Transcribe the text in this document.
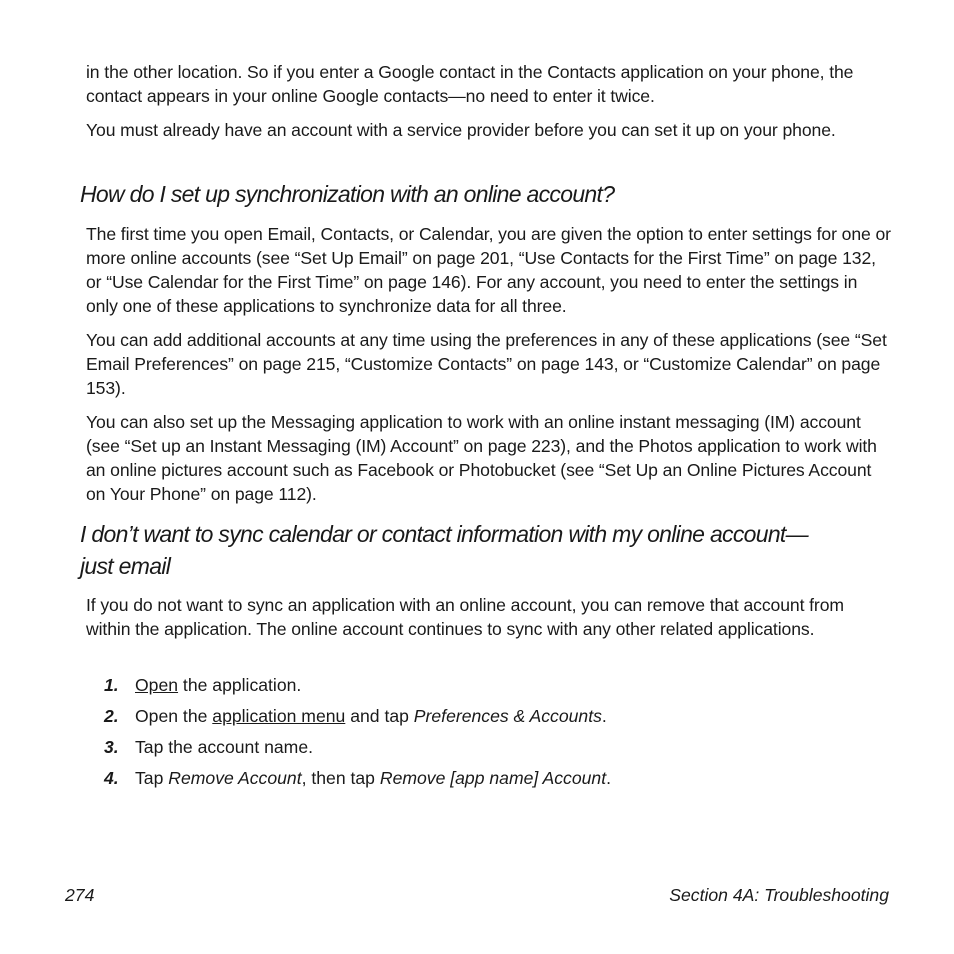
in the other location. So if you enter a Google contact in the Contacts application on your phone, the contact appears in your online Google contacts—no need to enter it twice.

You must already have an account with a service provider before you can set it up on your phone.

How do I set up synchronization with an online account?

The first time you open Email, Contacts, or Calendar, you are given the option to enter settings for one or more online accounts (see “Set Up Email” on page 201, “Use Contacts for the First Time” on page 132, or “Use Calendar for the First Time” on page 146). For any account, you need to enter the settings in only one of these applications to synchronize data for all three.

You can add additional accounts at any time using the preferences in any of these applications (see “Set Email Preferences” on page 215, “Customize Contacts” on page 143, or “Customize Calendar” on page 153).

You can also set up the Messaging application to work with an online instant messaging (IM) account (see “Set up an Instant Messaging (IM) Account” on page 223), and the Photos application to work with an online pictures account such as Facebook or Photobucket (see “Set Up an Online Pictures Account on Your Phone” on page 112).

I don’t want to sync calendar or contact information with my online account—
just email

If you do not want to sync an application with an online account, you can remove that account from within the application. The online account continues to sync with any other related applications.

1. Open the application.
2. Open the application menu and tap Preferences & Accounts.
3. Tap the account name.
4. Tap Remove Account, then tap Remove [app name] Account.
274	Section 4A: Troubleshooting
